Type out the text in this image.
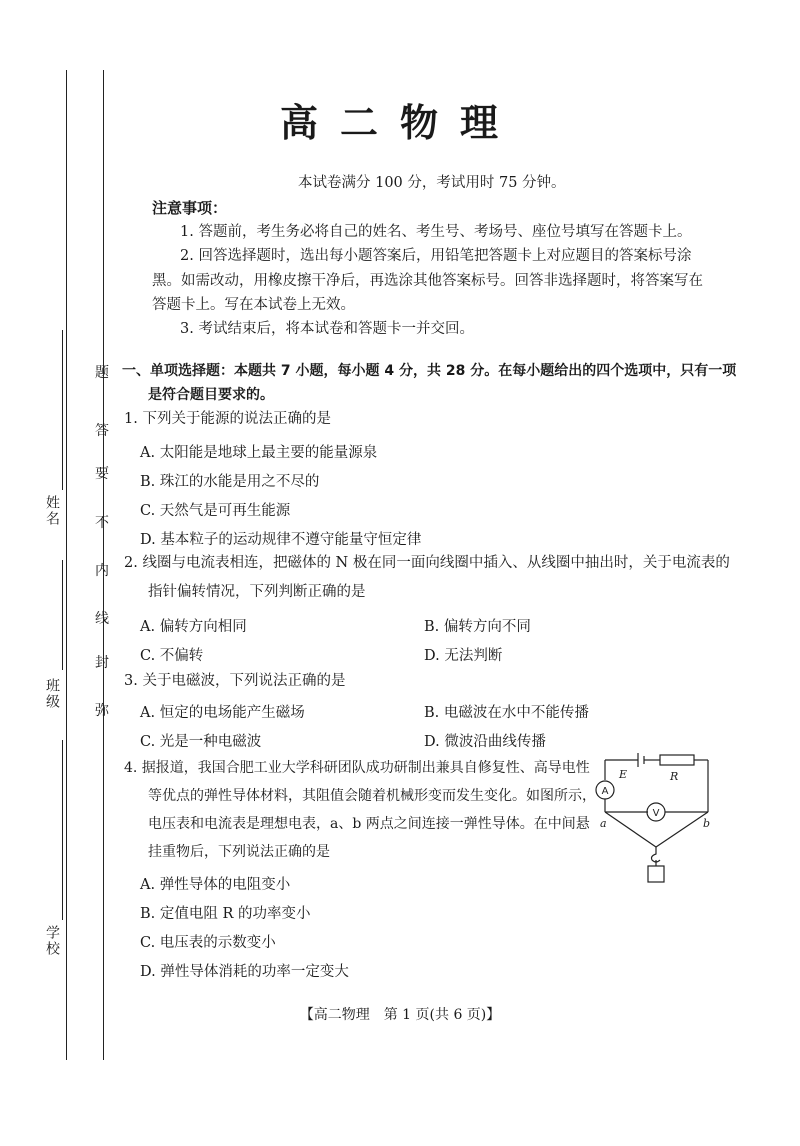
姓名
班级
学校
题
答
要
不
内
线
封
弥
高二物理
本试卷满分 100 分，考试用时 75 分钟。
注意事项：
1. 答题前，考生务必将自己的姓名、考生号、考场号、座位号填写在答题卡上。
2. 回答选择题时，选出每小题答案后，用铅笔把答题卡上对应题目的答案标号涂
黑。如需改动，用橡皮擦干净后，再选涂其他答案标号。回答非选择题时，将答案写在
答题卡上。写在本试卷上无效。
3. 考试结束后，将本试卷和答题卡一并交回。
一、单项选择题：本题共 7 小题，每小题 4 分，共 28 分。在每小题给出的四个选项中，只有一项
是符合题目要求的。
1. 下列关于能源的说法正确的是
A. 太阳能是地球上最主要的能量源泉
B. 珠江的水能是用之不尽的
C. 天然气是可再生能源
D. 基本粒子的运动规律不遵守能量守恒定律
2. 线圈与电流表相连，把磁体的 N 极在同一面向线圈中插入、从线圈中抽出时，关于电流表的
指针偏转情况，下列判断正确的是
A. 偏转方向相同	B. 偏转方向不同
C. 不偏转	D. 无法判断
3. 关于电磁波，下列说法正确的是
A. 恒定的电场能产生磁场	B. 电磁波在水中不能传播
C. 光是一种电磁波	D. 微波沿曲线传播
4. 据报道，我国合肥工业大学科研团队成功研制出兼具自修复性、高导电性
等优点的弹性导体材料，其阻值会随着机械形变而发生变化。如图所示，
电压表和电流表是理想电表，a、b 两点之间连接一弹性导体。在中间悬
挂重物后，下列说法正确的是
A. 弹性导体的电阻变小
B. 定值电阻 R 的功率变小
C. 电压表的示数变小
D. 弹性导体消耗的功率一定变大
E	R
a	b
A
V
【高二物理　第 1 页(共 6 页)】
